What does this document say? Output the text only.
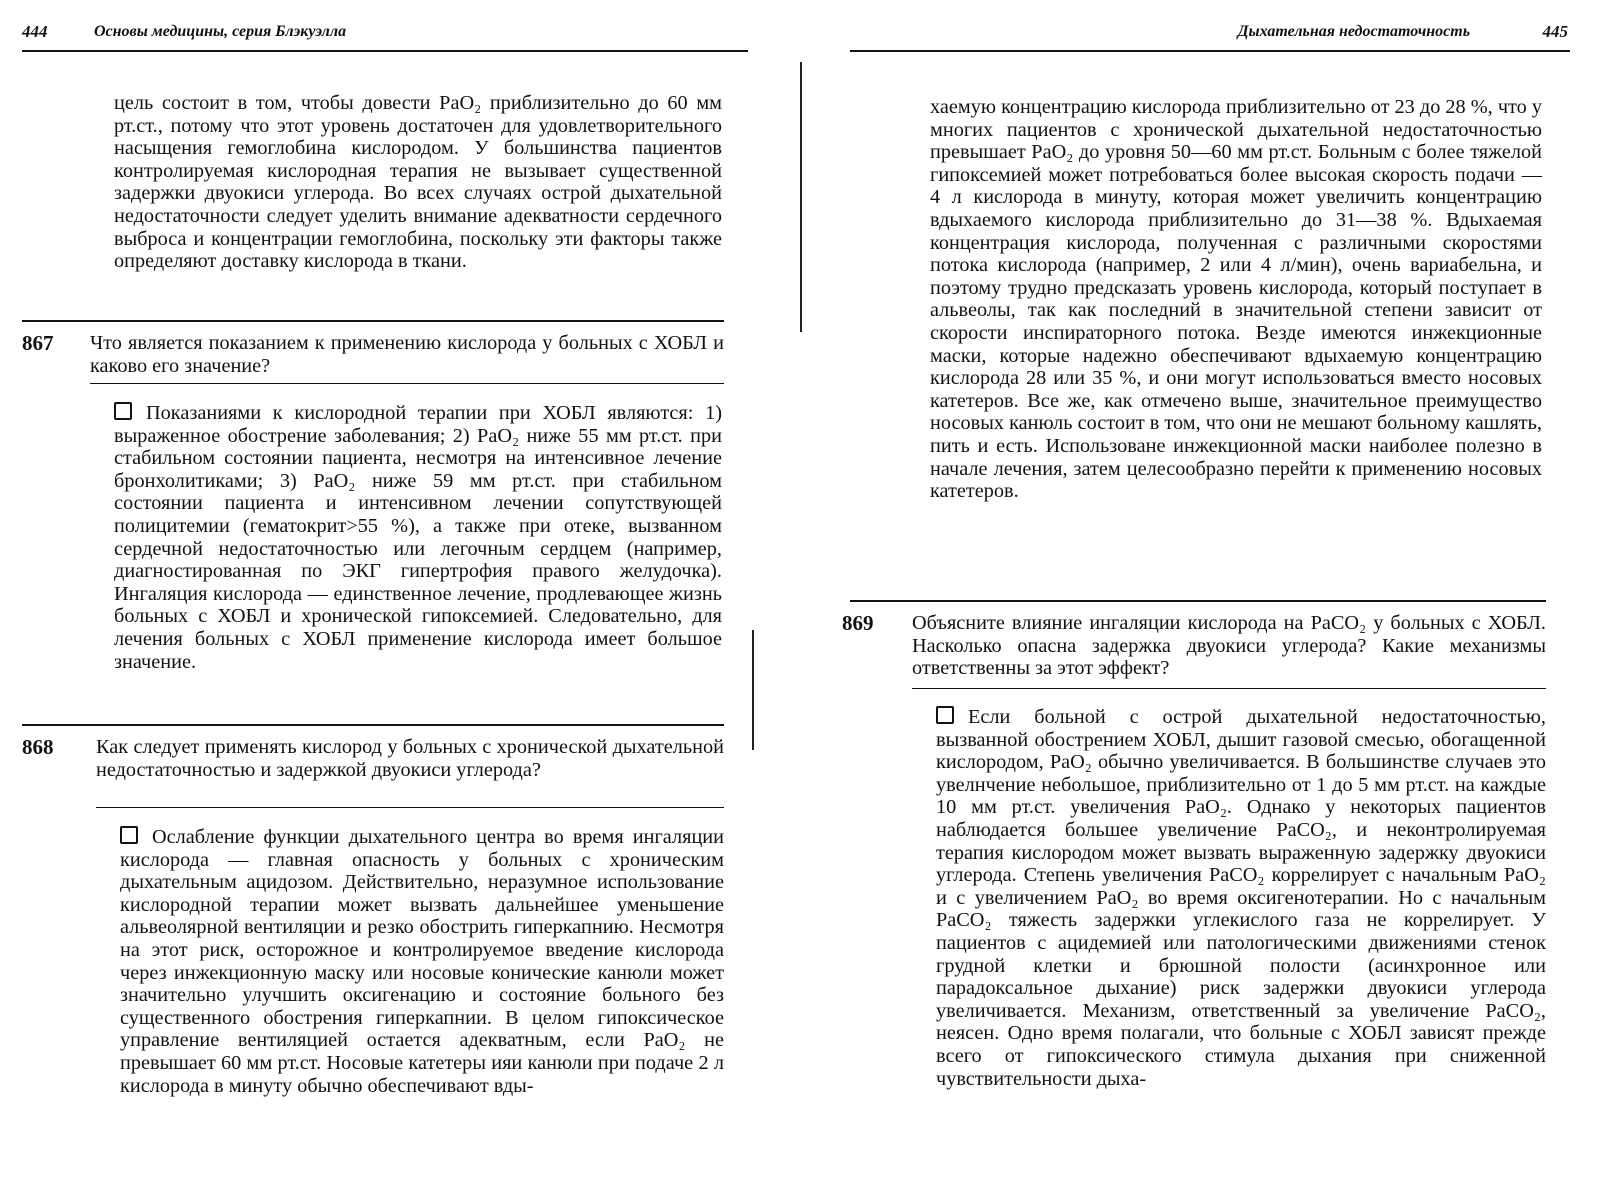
444	Основы медицины, серия Блэкуэлла

цель состоит в том, чтобы довести PaO₂ приблизительно до 60 мм рт.ст., потому что этот уровень достаточен для удовлетворительного насыщения гемоглобина кислородом. У большинства пациентов контролируемая кислородная терапия не вызывает существенной задержки двуокиси углерода. Во всех случаях острой дыхательной недостаточности следует уделить внимание адекватности сердечного выброса и концентрации гемоглобина, поскольку эти факторы также определяют доставку кислорода в ткани.

867 Что является показанием к применению кислорода у больных с ХОБЛ и каково его значение?

Показаниями к кислородной терапии при ХОБЛ являются: 1) выраженное обострение заболевания; 2) PaO₂ ниже 55 мм рт.ст. при стабильном состоянии пациента, несмотря на интенсивное лечение бронхолитиками; 3) PaO₂ ниже 59 мм рт.ст. при стабильном состоянии пациента и интенсивном лечении сопутствующей полицитемии (гематокрит>55 %), а также при отеке, вызванном сердечной недостаточностью или легочным сердцем (например, диагностированная по ЭКГ гипертрофия правого желудочка). Ингаляция кислорода — единственное лечение, продлевающее жизнь больных с ХОБЛ и хронической гипоксемией. Следовательно, для лечения больных с ХОБЛ применение кислорода имеет большое значение.

868 Как следует применять кислород у больных с хронической дыхательной недостаточностью и задержкой двуокиси углерода?

Ослабление функции дыхательного центра во время ингаляции кислорода — главная опасность у больных с хроническим дыхательным ацидозом. Действительно, неразумное использование кислородной терапии может вызвать дальнейшее уменьшение альвеолярной вентиляции и резко обострить гиперкапнию. Несмотря на этот риск, осторожное и контролируемое введение кислорода через инжекционную маску или носовые конические канюли может значительно улучшить оксигенацию и состояние больного без существенного обострения гиперкапнии. В целом гипоксическое управление вентиляцией остается адекватным, если PaO₂ не превышает 60 мм рт.ст. Носовые катетеры ияи канюли при подаче 2 л кислорода в минуту обычно обеспечивают вды-

Дыхательная недостаточность	445

хаемую концентрацию кислорода приблизительно от 23 до 28 %, что у многих пациентов с хронической дыхательной недостаточностью превышает PaO₂ до уровня 50—60 мм рт.ст. Больным с более тяжелой гипоксемией может потребоваться более высокая скорость подачи — 4 л кислорода в минуту, которая может увеличить концентрацию вдыхаемого кислорода приблизительно до 31—38 %. Вдыхаемая концентрация кислорода, полученная с различными скоростями потока кислорода (например, 2 или 4 л/мин), очень вариабельна, и поэтому трудно предсказать уровень кислорода, который поступает в альвеолы, так как последний в значительной степени зависит от скорости инспираторного потока. Везде имеются инжекционные маски, которые надежно обеспечивают вдыхаемую концентрацию кислорода 28 или 35 %, и они могут использоваться вместо носовых катетеров. Все же, как отмечено выше, значительное преимущество носовых канюль состоит в том, что они не мешают больному кашлять, пить и есть. Использоване инжекционной маски наиболее полезно в начале лечения, затем целесообразно перейти к применению носовых катетеров.

869 Объясните влияние ингаляции кислорода на PaCO₂ у больных с ХОБЛ. Насколько опасна задержка двуокиси углерода? Какие механизмы ответственны за этот эффект?

Если больной с острой дыхательной недостаточностью, вызванной обострением ХОБЛ, дышит газовой смесью, обогащенной кислородом, PaO₂ обычно увеличивается. В большинстве случаев это увелнчение небольшое, приблизительно от 1 до 5 мм рт.ст. на каждые 10 мм рт.ст. увеличения PaO₂. Однако у некоторых пациентов наблюдается большее увеличение PaCO₂, и неконтролируемая терапия кислородом может вызвать выраженную задержку двуокиси углерода. Степень увеличения PaCO₂ коррелирует с начальным PaO₂ и с увеличением PaO₂ во время оксигенотерапии. Но с начальным PaCO₂ тяжесть задержки углекислого газа не коррелирует. У пациентов с ацидемией или патологическими движениями стенок грудной клетки и брюшной полости (асинхронное или парадоксальное дыхание) риск задержки двуокиси углерода увеличивается. Механизм, ответственный за увеличение PaCO₂, неясен. Одно время полагали, что больные с ХОБЛ зависят прежде всего от гипоксического стимула дыхания при сниженной чувствительности дыха-
